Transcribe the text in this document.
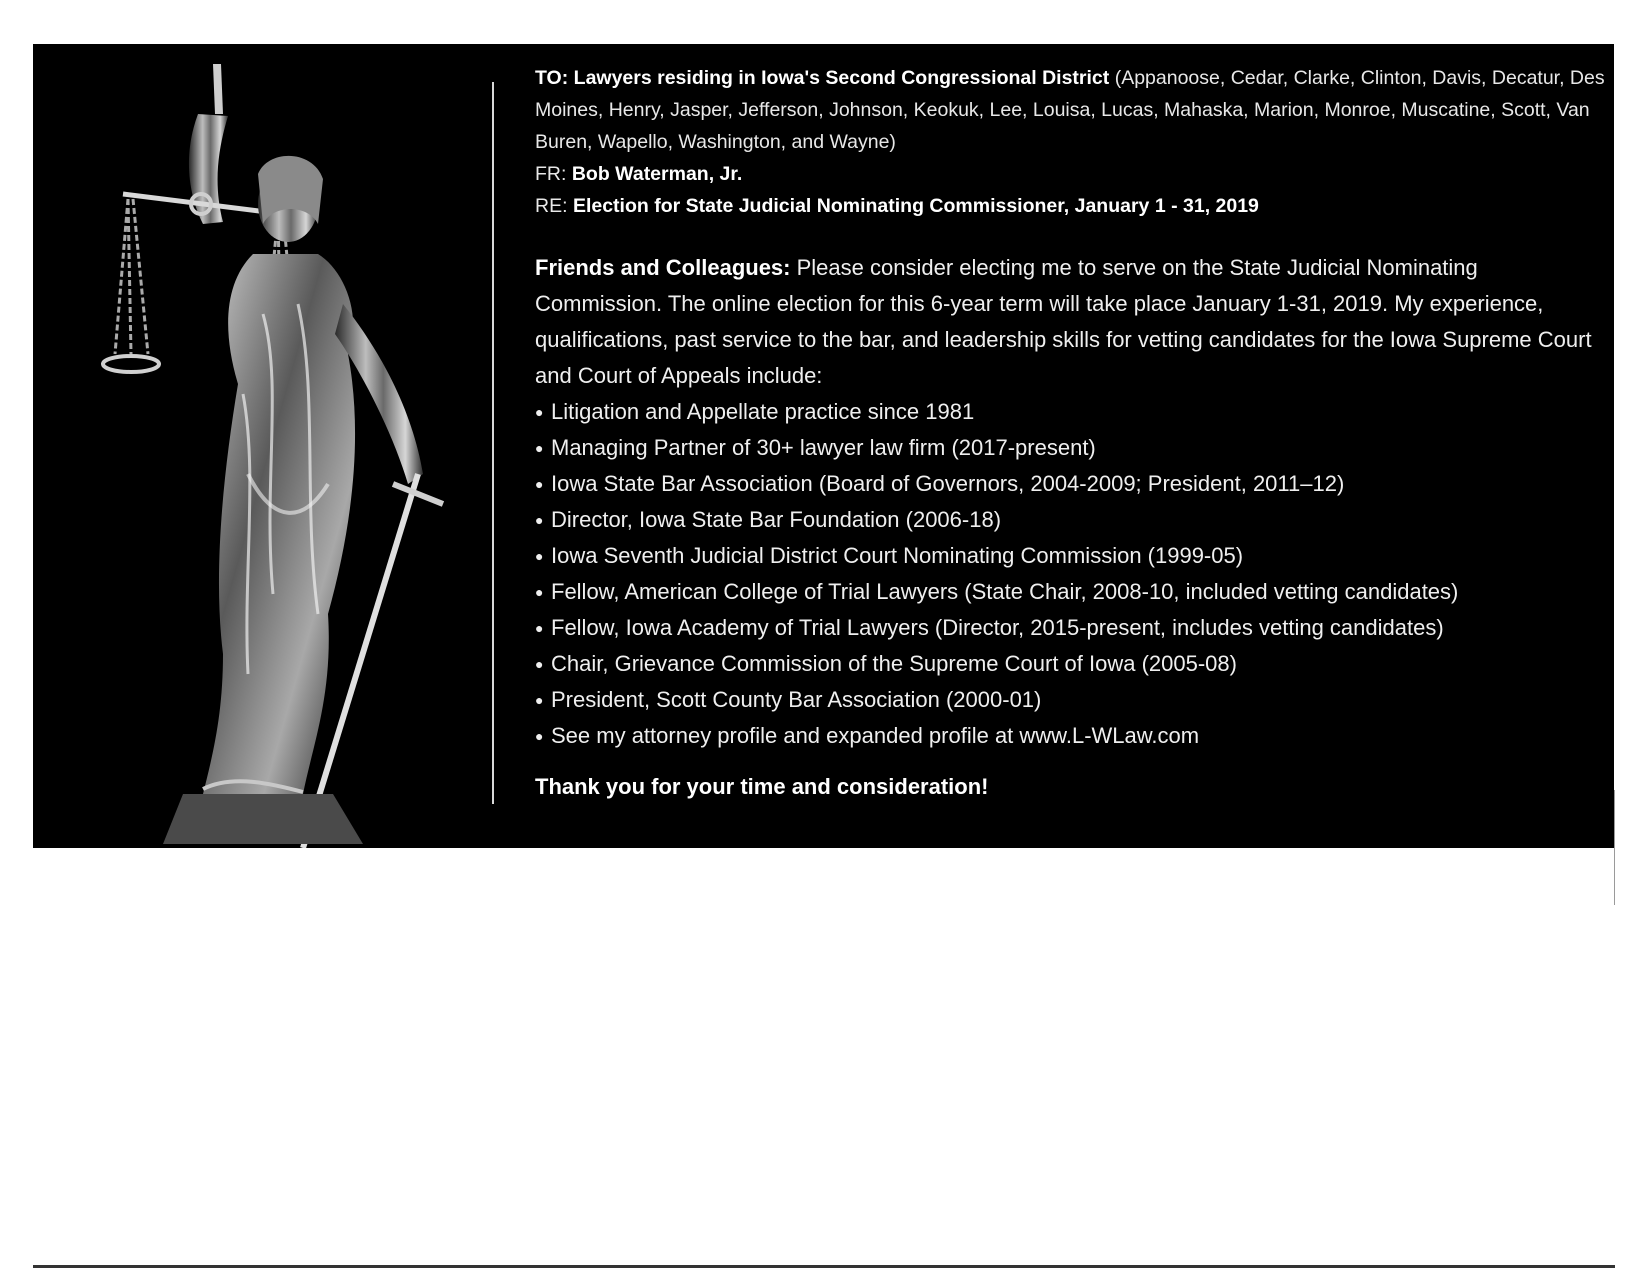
TO: Lawyers residing in Iowa's Second Congressional District (Appanoose, Cedar, Clarke, Clinton, Davis, Decatur, Des Moines, Henry, Jasper, Jefferson, Johnson, Keokuk, Lee, Louisa, Lucas, Mahaska, Marion, Monroe, Muscatine, Scott, Van Buren, Wapello, Washington, and Wayne)
FR: Bob Waterman, Jr.
RE: Election for State Judicial Nominating Commissioner, January 1 - 31, 2019
Friends and Colleagues: Please consider electing me to serve on the State Judicial Nominating Commission. The online election for this 6-year term will take place January 1-31, 2019. My experience, qualifications, past service to the bar, and leadership skills for vetting candidates for the Iowa Supreme Court and Court of Appeals include:
● Litigation and Appellate practice since 1981
● Managing Partner of 30+ lawyer law firm (2017-present)
● Iowa State Bar Association (Board of Governors, 2004-2009; President, 2011–12)
● Director, Iowa State Bar Foundation (2006-18)
● Iowa Seventh Judicial District Court Nominating Commission (1999-05)
● Fellow, American College of Trial Lawyers (State Chair, 2008-10, included vetting candidates)
● Fellow, Iowa Academy of Trial Lawyers (Director, 2015-present, includes vetting candidates)
● Chair, Grievance Commission of the Supreme Court of Iowa (2005-08)
● President, Scott County Bar Association (2000-01)
● See my attorney profile and expanded profile at www.L-WLaw.com
Thank you for your time and consideration!
